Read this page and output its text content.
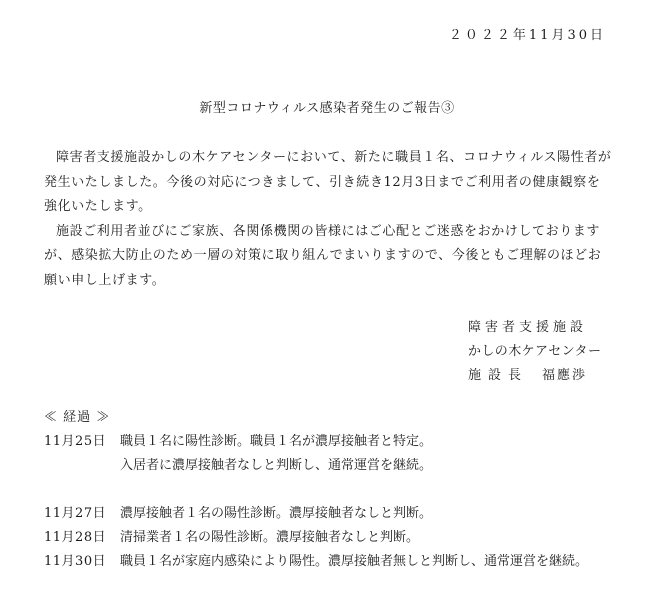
２０２２年11月30日
新型コロナウィルス感染者発生のご報告③

障害者支援施設かしの木ケアセンターにおいて、新たに職員１名、コロナウィルス陽性者が発生いたしました。今後の対応につきまして、引き続き12月3日までご利用者の健康観察を強化いたします。

施設ご利用者並びにご家族、各関係機関の皆様にはご心配とご迷惑をおかけしておりますが、感染拡大防止のため一層の対策に取り組んでまいりますので、今後ともご理解のほどお願い申し上げます。

障害者支援施設
かしの木ケアセンター
施設長 福應渉
≪ 経過 ≫
11月25日	職員１名に陽性診断。職員１名が濃厚接触者と特定。
入居者に濃厚接触者なしと判断し、通常運営を継続。
11月27日	濃厚接触者１名の陽性診断。濃厚接触者なしと判断。
11月28日	清掃業者１名の陽性診断。濃厚接触者なしと判断。
11月30日	職員１名が家庭内感染により陽性。濃厚接触者無しと判断し、通常運営を継続。
